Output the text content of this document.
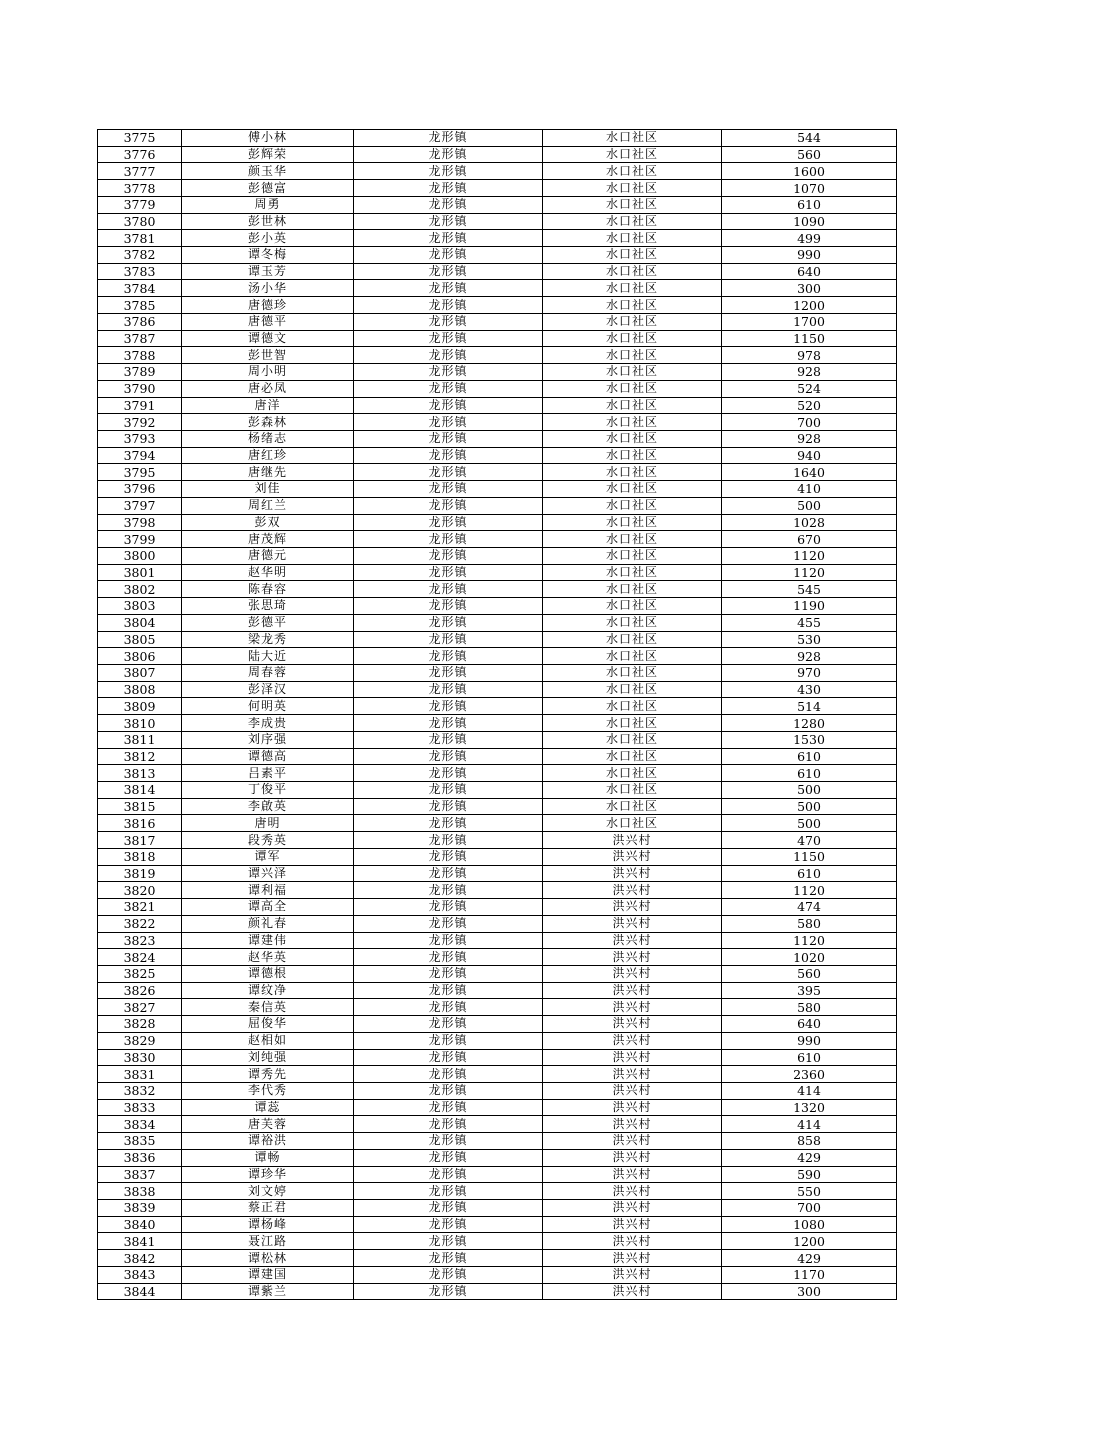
3775	傅小林	龙形镇	水口社区	544
3776	彭辉荣	龙形镇	水口社区	560
3777	颜玉华	龙形镇	水口社区	1600
3778	彭德富	龙形镇	水口社区	1070
3779	周勇	龙形镇	水口社区	610
3780	彭世林	龙形镇	水口社区	1090
3781	彭小英	龙形镇	水口社区	499
3782	谭冬梅	龙形镇	水口社区	990
3783	谭玉芳	龙形镇	水口社区	640
3784	汤小华	龙形镇	水口社区	300
3785	唐德珍	龙形镇	水口社区	1200
3786	唐德平	龙形镇	水口社区	1700
3787	谭德文	龙形镇	水口社区	1150
3788	彭世智	龙形镇	水口社区	978
3789	周小明	龙形镇	水口社区	928
3790	唐必凤	龙形镇	水口社区	524
3791	唐洋	龙形镇	水口社区	520
3792	彭森林	龙形镇	水口社区	700
3793	杨绪志	龙形镇	水口社区	928
3794	唐红珍	龙形镇	水口社区	940
3795	唐继先	龙形镇	水口社区	1640
3796	刘佳	龙形镇	水口社区	410
3797	周红兰	龙形镇	水口社区	500
3798	彭双	龙形镇	水口社区	1028
3799	唐茂辉	龙形镇	水口社区	670
3800	唐德元	龙形镇	水口社区	1120
3801	赵华明	龙形镇	水口社区	1120
3802	陈春容	龙形镇	水口社区	545
3803	张思琦	龙形镇	水口社区	1190
3804	彭德平	龙形镇	水口社区	455
3805	梁龙秀	龙形镇	水口社区	530
3806	陆大近	龙形镇	水口社区	928
3807	周春蓉	龙形镇	水口社区	970
3808	彭泽汉	龙形镇	水口社区	430
3809	何明英	龙形镇	水口社区	514
3810	李成贵	龙形镇	水口社区	1280
3811	刘序强	龙形镇	水口社区	1530
3812	谭德高	龙形镇	水口社区	610
3813	吕素平	龙形镇	水口社区	610
3814	丁俊平	龙形镇	水口社区	500
3815	李啟英	龙形镇	水口社区	500
3816	唐明	龙形镇	水口社区	500
3817	段秀英	龙形镇	洪兴村	470
3818	谭军	龙形镇	洪兴村	1150
3819	谭兴泽	龙形镇	洪兴村	610
3820	谭利福	龙形镇	洪兴村	1120
3821	谭高全	龙形镇	洪兴村	474
3822	颜礼春	龙形镇	洪兴村	580
3823	谭建伟	龙形镇	洪兴村	1120
3824	赵华英	龙形镇	洪兴村	1020
3825	谭德根	龙形镇	洪兴村	560
3826	谭纹净	龙形镇	洪兴村	395
3827	秦信英	龙形镇	洪兴村	580
3828	屈俊华	龙形镇	洪兴村	640
3829	赵相如	龙形镇	洪兴村	990
3830	刘纯强	龙形镇	洪兴村	610
3831	谭秀先	龙形镇	洪兴村	2360
3832	李代秀	龙形镇	洪兴村	414
3833	谭蕊	龙形镇	洪兴村	1320
3834	唐芙蓉	龙形镇	洪兴村	414
3835	谭裕洪	龙形镇	洪兴村	858
3836	谭畅	龙形镇	洪兴村	429
3837	谭珍华	龙形镇	洪兴村	590
3838	刘文婷	龙形镇	洪兴村	550
3839	蔡正君	龙形镇	洪兴村	700
3840	谭杨峰	龙形镇	洪兴村	1080
3841	聂江路	龙形镇	洪兴村	1200
3842	谭松林	龙形镇	洪兴村	429
3843	谭建国	龙形镇	洪兴村	1170
3844	谭紫兰	龙形镇	洪兴村	300
